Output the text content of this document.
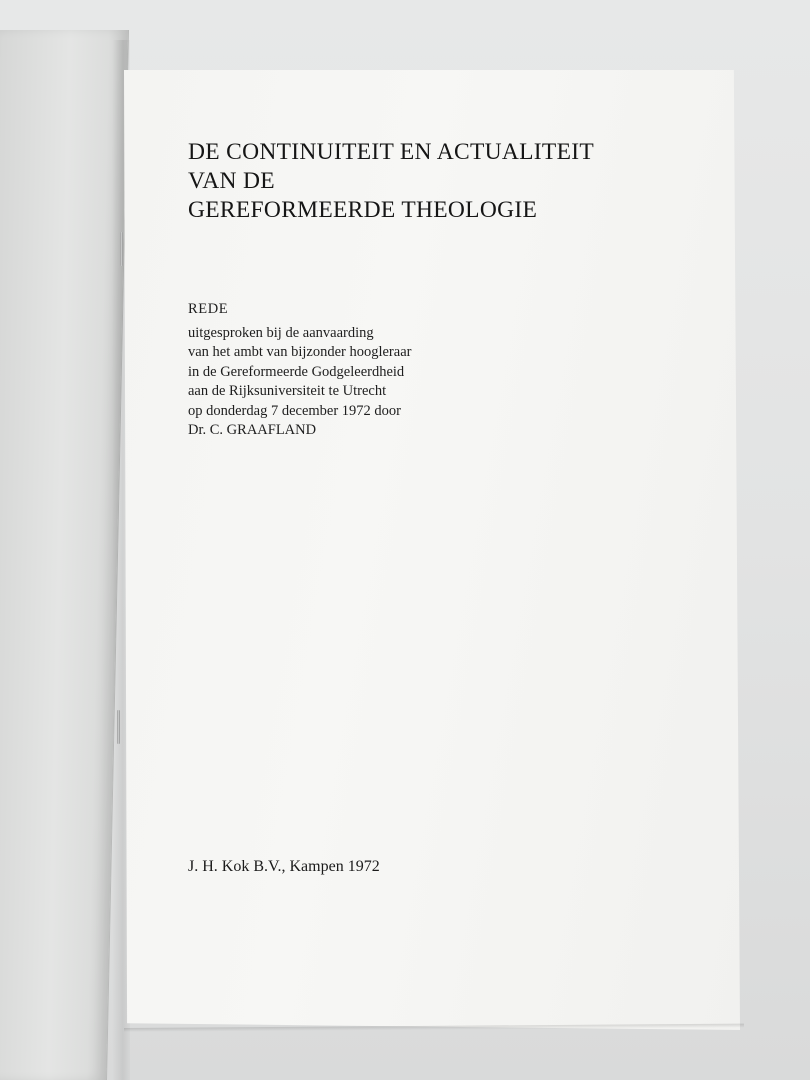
DE CONTINUITEIT EN ACTUALITEIT
VAN DE
GEREFORMEERDE THEOLOGIE
REDE
uitgesproken bij de aanvaarding
van het ambt van bijzonder hoogleraar
in de Gereformeerde Godgeleerdheid
aan de Rijksuniversiteit te Utrecht
op donderdag 7 december 1972 door
Dr. C. GRAAFLAND
J. H. Kok B.V., Kampen 1972
